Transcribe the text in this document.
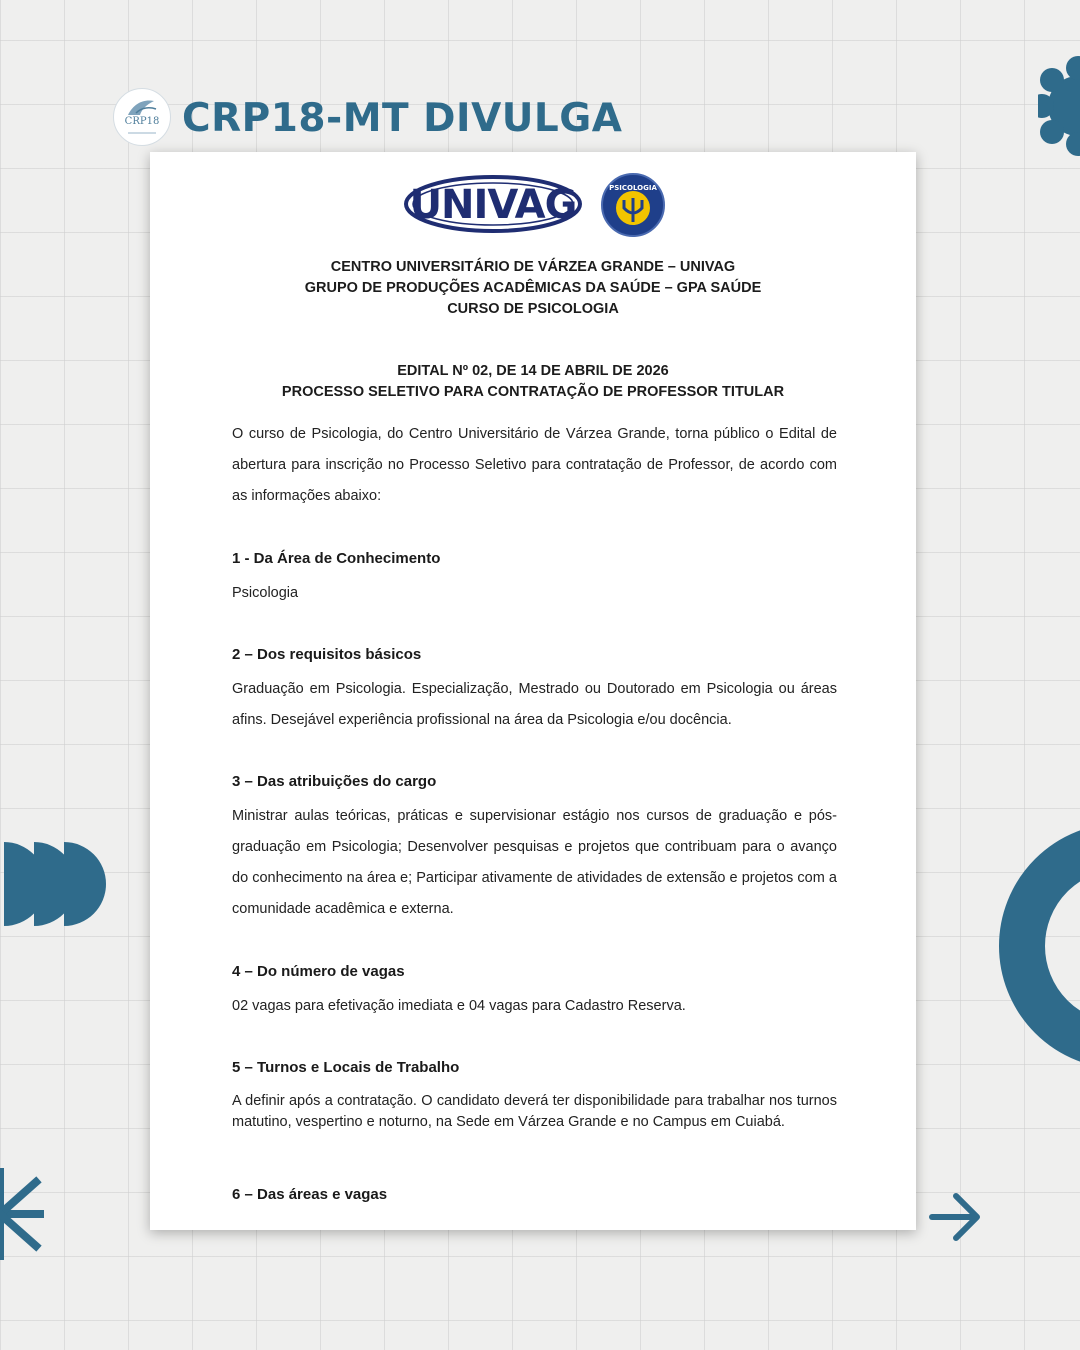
CRP18 CRP18-MT DIVULGA
UNIVAG	PSICOLOGIA
CENTRO UNIVERSITÁRIO DE VÁRZEA GRANDE – UNIVAG
GRUPO DE PRODUÇÕES ACADÊMICAS DA SAÚDE – GPA SAÚDE
CURSO DE PSICOLOGIA
EDITAL Nº 02, DE 14 DE ABRIL DE 2026
PROCESSO SELETIVO PARA CONTRATAÇÃO DE PROFESSOR TITULAR
O curso de Psicologia, do Centro Universitário de Várzea Grande, torna público o Edital de abertura para inscrição no Processo Seletivo para contratação de Professor, de acordo com as informações abaixo:
1 - Da Área de Conhecimento
Psicologia
2 – Dos requisitos básicos
Graduação em Psicologia. Especialização, Mestrado ou Doutorado em Psicologia ou áreas afins. Desejável experiência profissional na área da Psicologia e/ou docência.
3 – Das atribuições do cargo
Ministrar aulas teóricas, práticas e supervisionar estágio nos cursos de graduação e pós-graduação em Psicologia; Desenvolver pesquisas e projetos que contribuam para o avanço do conhecimento na área e; Participar ativamente de atividades de extensão e projetos com a comunidade acadêmica e externa.
4 – Do número de vagas
02 vagas para efetivação imediata e 04 vagas para Cadastro Reserva.
5 – Turnos e Locais de Trabalho
A definir após a contratação. O candidato deverá ter disponibilidade para trabalhar nos turnos matutino, vespertino e noturno, na Sede em Várzea Grande e no Campus em Cuiabá.
6 – Das áreas e vagas
